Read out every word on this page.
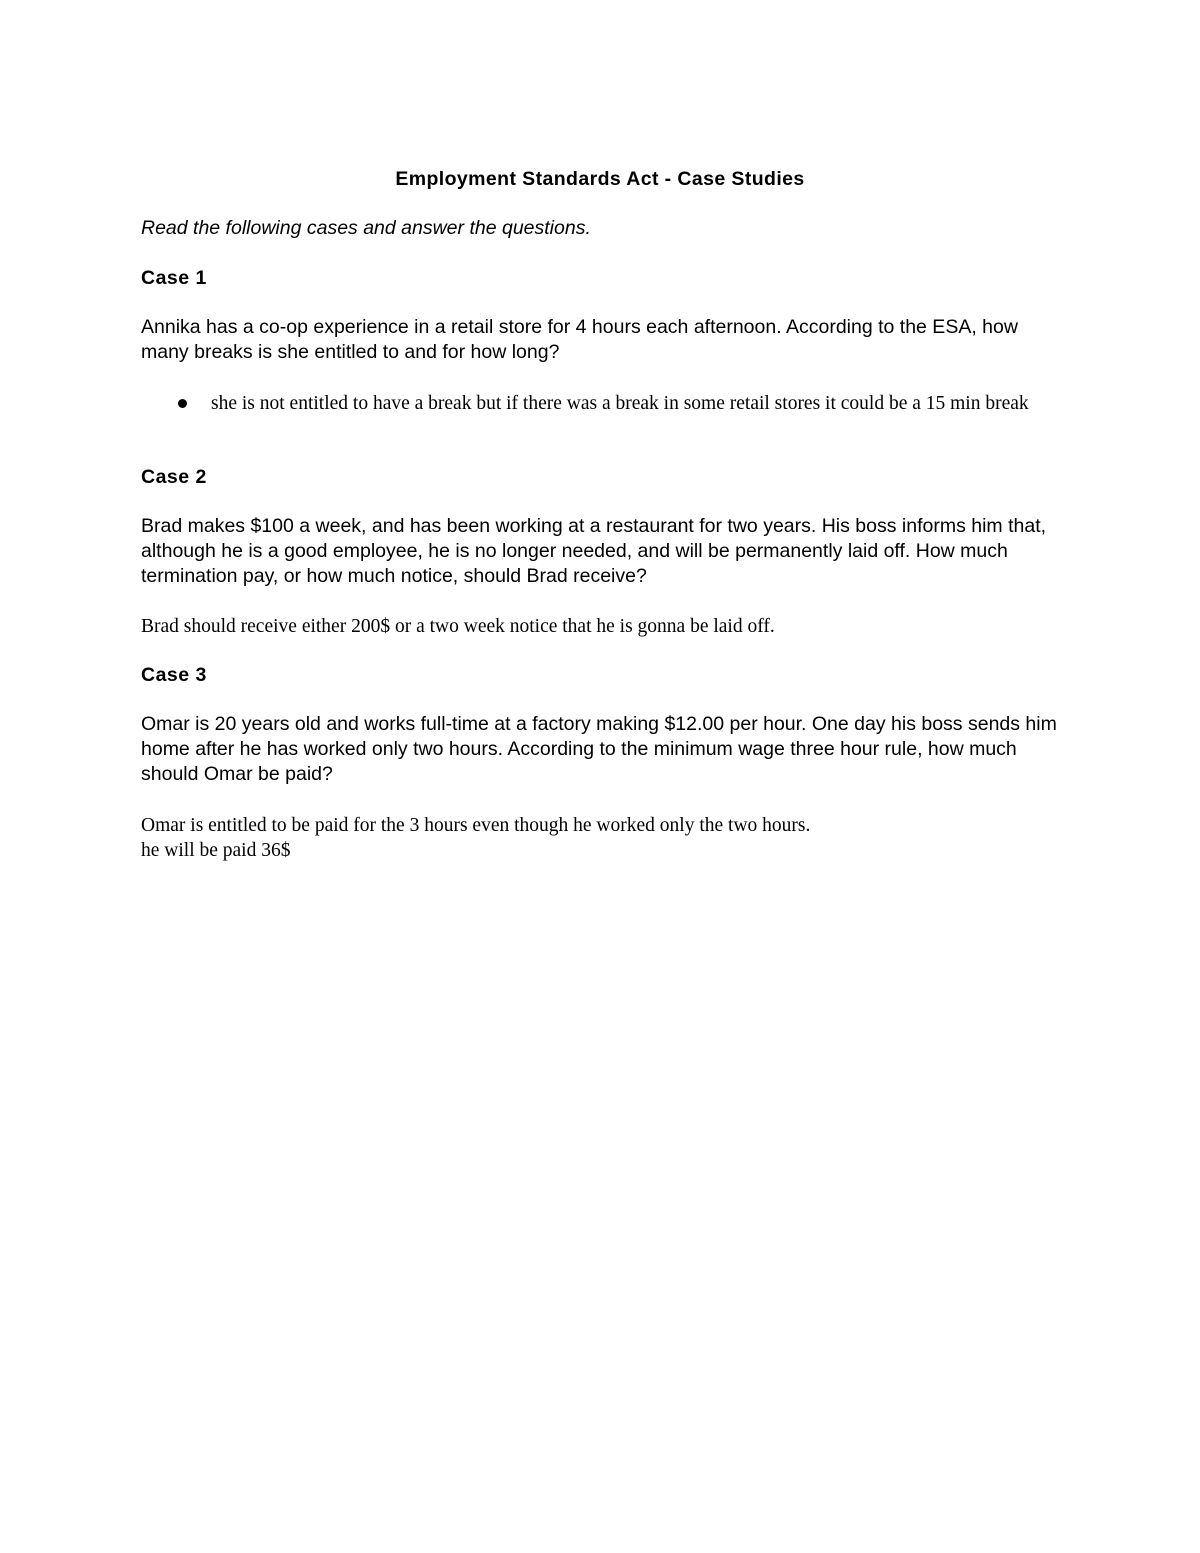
Employment Standards Act - Case Studies

Read the following cases and answer the questions.

Case 1

Annika has a co-op experience in a retail store for 4 hours each afternoon. According to the ESA, how many breaks is she entitled to and for how long?

she is not entitled to have a break but if there was a break in some retail stores it could be a 15 min break

Case 2

Brad makes $100 a week, and has been working at a restaurant for two years. His boss informs him that, although he is a good employee, he is no longer needed, and will be permanently laid off. How much termination pay, or how much notice, should Brad receive?

Brad should receive either 200$ or a two week notice that he is gonna be laid off.

Case 3

Omar is 20 years old and works full-time at a factory making $12.00 per hour. One day his boss sends him home after he has worked only two hours. According to the minimum wage three hour rule, how much should Omar be paid?

Omar is entitled to be paid for the 3 hours even though he worked only the two hours.
he will be paid 36$
